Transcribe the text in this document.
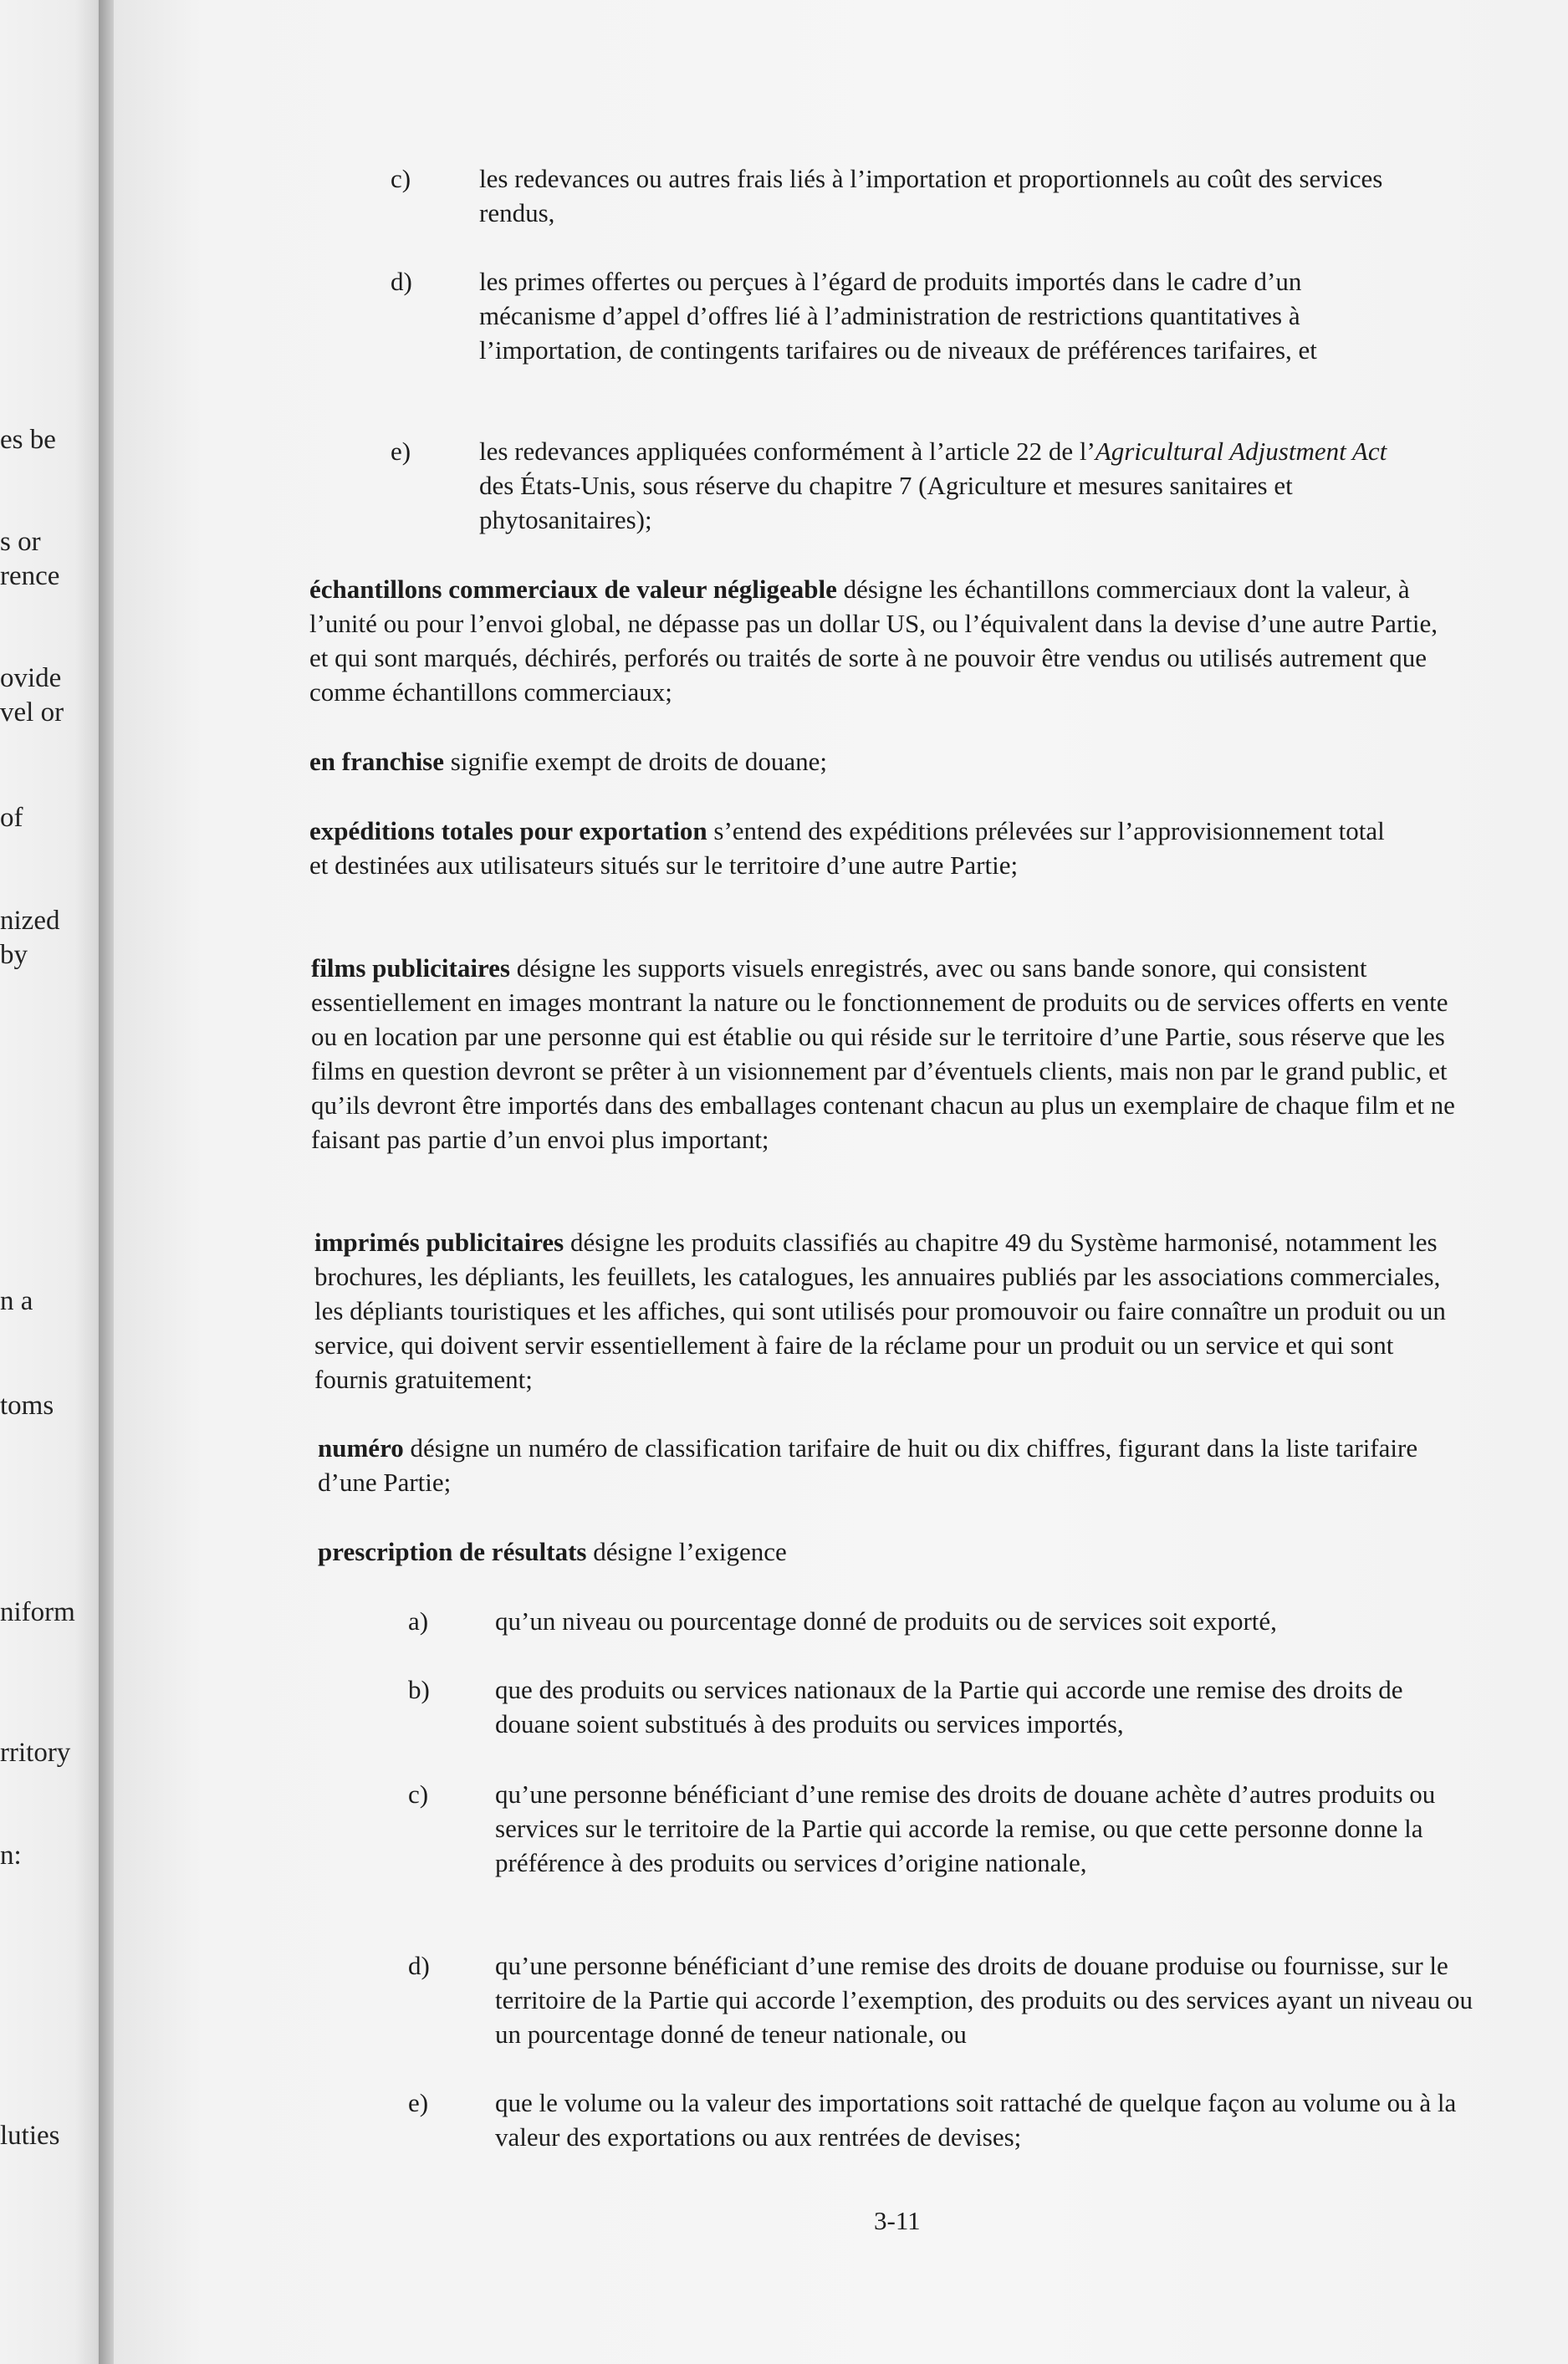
es be
s or
rence
ovide
vel or
of
nized
by
n a
toms
niform
rritory
n:
luties
c)	les redevances ou autres frais liés à l’importation et proportionnels au coût des services rendus,
d)	les primes offertes ou perçues à l’égard de produits importés dans le cadre d’un mécanisme d’appel d’offres lié à l’administration de restrictions quantitatives à l’importation, de contingents tarifaires ou de niveaux de préférences tarifaires, et
e)	les redevances appliquées conformément à l’article 22 de l’Agricultural Adjustment Act des États-Unis, sous réserve du chapitre 7 (Agriculture et mesures sanitaires et phytosanitaires);
échantillons commerciaux de valeur négligeable désigne les échantillons commerciaux dont la valeur, à l’unité ou pour l’envoi global, ne dépasse pas un dollar US, ou l’équivalent dans la devise d’une autre Partie, et qui sont marqués, déchirés, perforés ou traités de sorte à ne pouvoir être vendus ou utilisés autrement que comme échantillons commerciaux;
en franchise signifie exempt de droits de douane;
expéditions totales pour exportation s’entend des expéditions prélevées sur l’approvisionnement total et destinées aux utilisateurs situés sur le territoire d’une autre Partie;
films publicitaires désigne les supports visuels enregistrés, avec ou sans bande sonore, qui consistent essentiellement en images montrant la nature ou le fonctionnement de produits ou de services offerts en vente ou en location par une personne qui est établie ou qui réside sur le territoire d’une Partie, sous réserve que les films en question devront se prêter à un visionnement par d’éventuels clients, mais non par le grand public, et qu’ils devront être importés dans des emballages contenant chacun au plus un exemplaire de chaque film et ne faisant pas partie d’un envoi plus important;
imprimés publicitaires désigne les produits classifiés au chapitre 49 du Système harmonisé, notamment les brochures, les dépliants, les feuillets, les catalogues, les annuaires publiés par les associations commerciales, les dépliants touristiques et les affiches, qui sont utilisés pour promouvoir ou faire connaître un produit ou un service, qui doivent servir essentiellement à faire de la réclame pour un produit ou un service et qui sont fournis gratuitement;
numéro désigne un numéro de classification tarifaire de huit ou dix chiffres, figurant dans la liste tarifaire d’une Partie;
prescription de résultats désigne l’exigence
a)	qu’un niveau ou pourcentage donné de produits ou de services soit exporté,
b)	que des produits ou services nationaux de la Partie qui accorde une remise des droits de douane soient substitués à des produits ou services importés,
c)	qu’une personne bénéficiant d’une remise des droits de douane achète d’autres produits ou services sur le territoire de la Partie qui accorde la remise, ou que cette personne donne la préférence à des produits ou services d’origine nationale,
d)	qu’une personne bénéficiant d’une remise des droits de douane produise ou fournisse, sur le territoire de la Partie qui accorde l’exemption, des produits ou des services ayant un niveau ou un pourcentage donné de teneur nationale, ou
e)	que le volume ou la valeur des importations soit rattaché de quelque façon au volume ou à la valeur des exportations ou aux rentrées de devises;
3-11
